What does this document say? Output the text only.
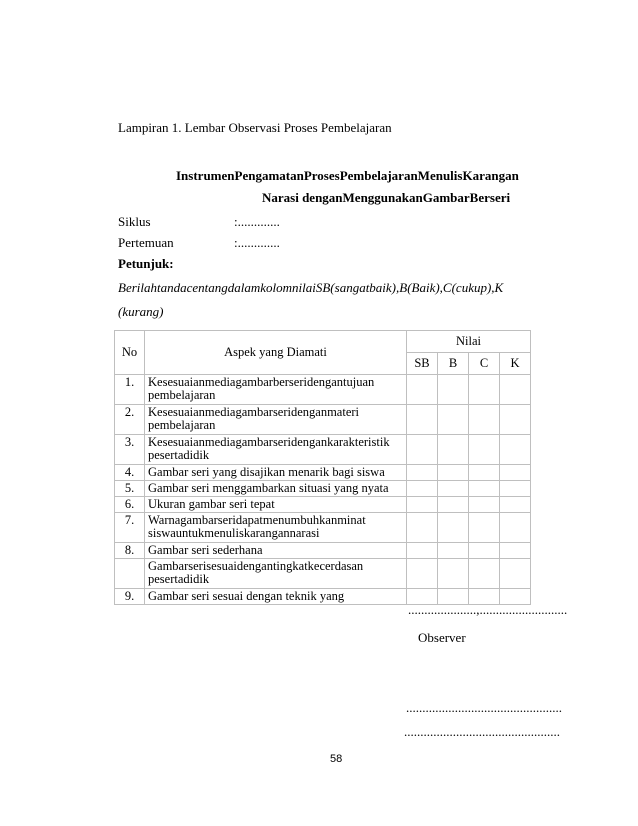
Lampiran 1. Lembar Observasi Proses Pembelajaran
InstrumenPengamatanProsesPembelajaranMenulisKarangan
Narasi denganMenggunakanGambarBerseri
Siklus	:.............
Pertemuan	:.............
Petunjuk:
BerilahtandacentangdalamkolomnilaiSB(sangatbaik),B(Baik),C(cukup),K
(kurang)
No	Aspek yang Diamati	Nilai			
		SB	B	C	K
1.	Kesesuaianmediagambarberseridengantujuan
pembelajaran				
2.	Kesesuaianmediagambarseridenganmateri
pembelajaran				
3.	Kesesuaianmediagambarseridengankarakteristik
pesertadidik				
4.	Gambar seri yang disajikan menarik bagi siswa				
5.	Gambar seri menggambarkan situasi yang nyata				
6.	Ukuran gambar seri tepat				
7.	Warnagambarseridapatmenumbuhkanminat
siswauntukmenuliskarangannarasi				
8.	Gambar seri sederhana				
	Gambarserisesuaidengantingkatkecerdasan
pesertadidik				
9.	Gambar seri sesuai dengan teknik yang				
.....................,...........................
Observer
................................................
................................................
58
